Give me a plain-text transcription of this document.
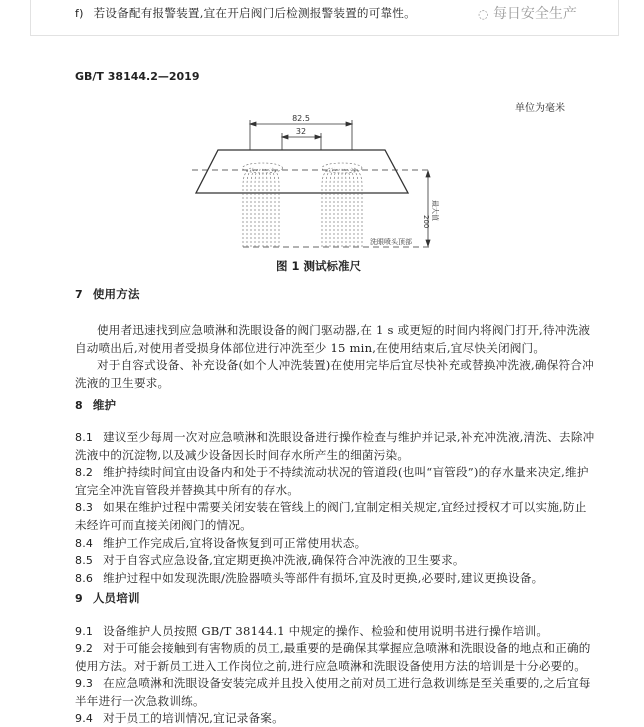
f) 若设备配有报警装置,宜在开启阀门后检测报警装置的可靠性。	◌ 每日安全生产
GB/T 38144.2—2019
单位为毫米
82.5
32
200
最大值
洗眼喷头顶部
图 1 测试标准尺
7 使用方法
使用者迅速找到应急喷淋和洗眼设备的阀门驱动器,在 1 s 或更短的时间内将阀门打开,待冲洗液
自动喷出后,对使用者受损身体部位进行冲洗至少 15 min,在使用结束后,宜尽快关闭阀门。
对于自容式设备、补充设备(如个人冲洗装置)在使用完毕后宜尽快补充或替换冲洗液,确保符合冲
洗液的卫生要求。
8 维护
8.1 建议至少每周一次对应急喷淋和洗眼设备进行操作检查与维护并记录,补充冲洗液,清洗、去除冲
洗液中的沉淀物,以及减少设备因长时间存水所产生的细菌污染。
8.2 维护持续时间宜由设备内和处于不持续流动状况的管道段(也叫“盲管段”)的存水量来决定,维护
宜完全冲洗盲管段并替换其中所有的存水。
8.3 如果在维护过程中需要关闭安装在管线上的阀门,宜制定相关规定,宜经过授权才可以实施,防止
未经许可而直接关闭阀门的情况。
8.4 维护工作完成后,宜将设备恢复到可正常使用状态。
8.5 对于自容式应急设备,宜定期更换冲洗液,确保符合冲洗液的卫生要求。
8.6 维护过程中如发现洗眼/洗脸器喷头等部件有损坏,宜及时更换,必要时,建议更换设备。
9 人员培训
9.1 设备维护人员按照 GB/T 38144.1 中规定的操作、检验和使用说明书进行操作培训。
9.2 对于可能会接触到有害物质的员工,最重要的是确保其掌握应急喷淋和洗眼设备的地点和正确的
使用方法。对于新员工进入工作岗位之前,进行应急喷淋和洗眼设备使用方法的培训是十分必要的。
9.3 在应急喷淋和洗眼设备安装完成并且投入使用之前对员工进行急救训练是至关重要的,之后宜每
半年进行一次急救训练。
9.4 对于员工的培训情况,宜记录备案。
